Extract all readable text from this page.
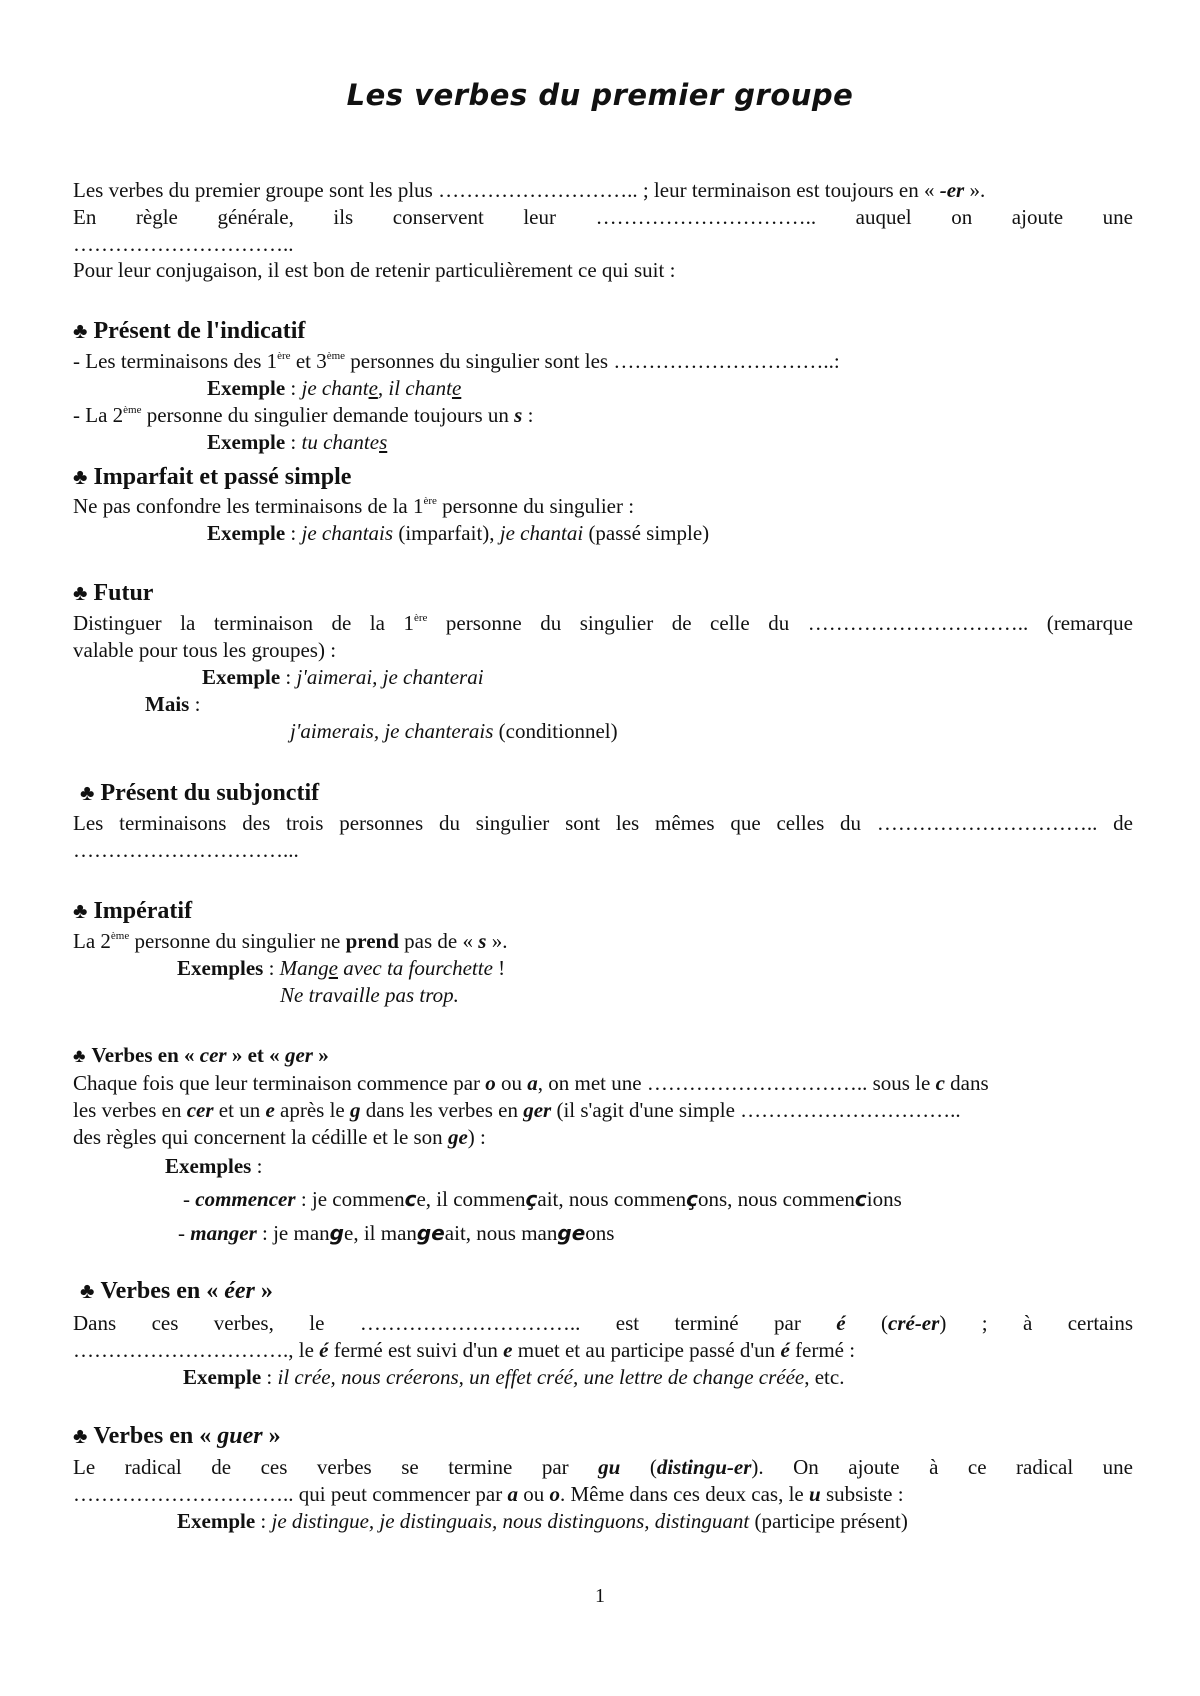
Les verbes du premier groupe
Les verbes du premier groupe sont les plus ……………………….. ; leur terminaison est toujours en « -er ».
En règle générale, ils conservent leur ………………………….. auquel on ajoute une
…………………………..
Pour leur conjugaison, il est bon de retenir particulièrement ce qui suit :
♣ Présent de l'indicatif
- Les terminaisons des 1ère et 3ème personnes du singulier sont les …………………………..:
Exemple : je chante, il chante
- La 2ème personne du singulier demande toujours un s :
Exemple : tu chantes
♣ Imparfait et passé simple
Ne pas confondre les terminaisons de la 1ère personne du singulier :
Exemple : je chantais (imparfait), je chantai (passé simple)
♣ Futur
Distinguer la terminaison de la 1ère personne du singulier de celle du ………………………….. (remarque
valable pour tous les groupes) :
Exemple : j'aimerai, je chanterai
Mais :
j'aimerais, je chanterais (conditionnel)
♣ Présent du subjonctif
Les terminaisons des trois personnes du singulier sont les mêmes que celles du ………………………….. de
…………………………...
♣ Impératif
La 2ème personne du singulier ne prend pas de « s ».
Exemples : Mange avec ta fourchette !
Ne travaille pas trop.
♣ Verbes en « cer » et « ger »
Chaque fois que leur terminaison commence par o ou a, on met une ………………………….. sous le c dans
les verbes en cer et un e après le g dans les verbes en ger (il s'agit d'une simple …………………………..
des règles qui concernent la cédille et le son ge) :
Exemples :
- commencer : je commence, il commençait, nous commençons, nous commencions
- manger : je mange, il mangeait, nous mangeons
♣ Verbes en « éer »
Dans ces verbes, le ………………………….. est terminé par é (cré-er) ; à certains
…………………………., le é fermé est suivi d'un e muet et au participe passé d'un é fermé :
Exemple : il crée, nous créerons, un effet créé, une lettre de change créée, etc.
♣ Verbes en « guer »
Le radical de ces verbes se termine par gu (distingu-er). On ajoute à ce radical une
………………………….. qui peut commencer par a ou o. Même dans ces deux cas, le u subsiste :
Exemple : je distingue, je distinguais, nous distinguons, distinguant (participe présent)
1
